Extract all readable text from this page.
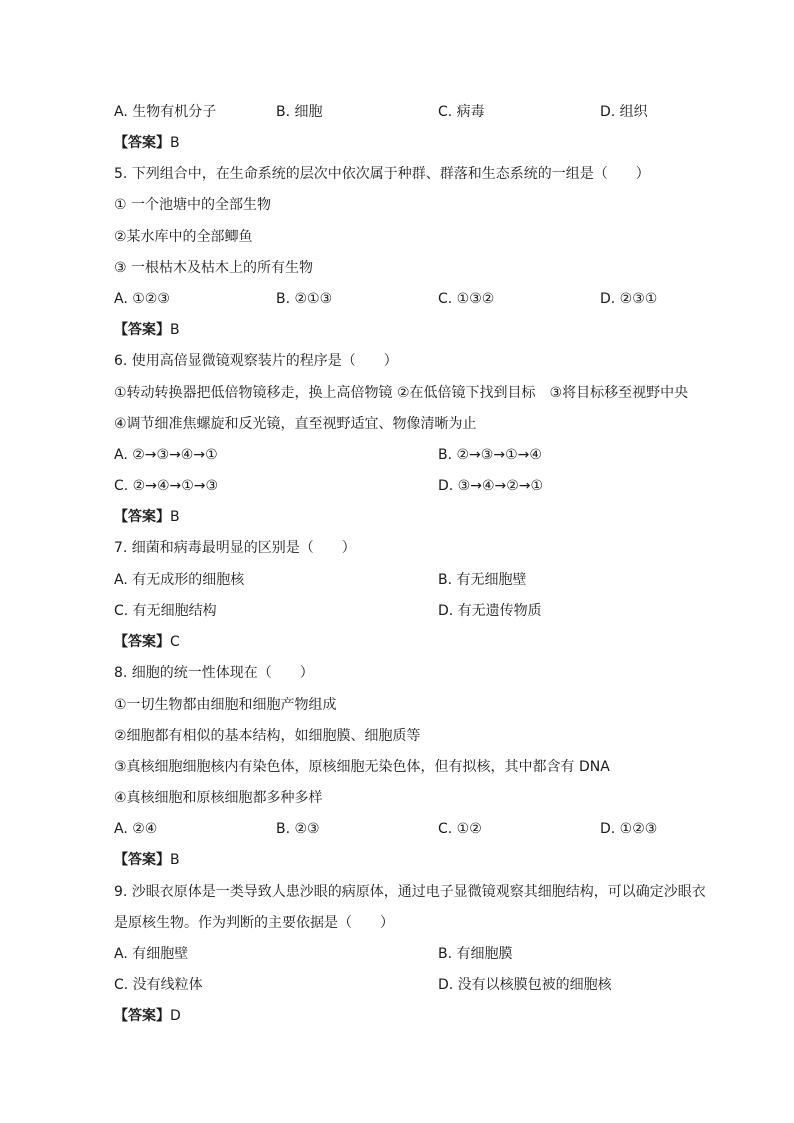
A. 生物有机分子	B. 细胞	C. 病毒	D. 组织
【答案】B
5. 下列组合中，在生命系统的层次中依次属于种群、群落和生态系统的一组是（　　）
① 一个池塘中的全部生物
②某水库中的全部鲫鱼
③ 一根枯木及枯木上的所有生物
A. ①②③	B. ②①③	C. ①③②	D. ②③①
【答案】B
6. 使用高倍显微镜观察装片的程序是（　　）
①转动转换器把低倍物镜移走，换上高倍物镜 ②在低倍镜下找到目标　③将目标移至视野中央
④调节细准焦螺旋和反光镜，直至视野适宜、物像清晰为止
A. ②→③→④→①	B. ②→③→①→④
C. ②→④→①→③	D. ③→④→②→①
【答案】B
7. 细菌和病毒最明显的区别是（　　）
A. 有无成形的细胞核	B. 有无细胞壁
C. 有无细胞结构	D. 有无遗传物质
【答案】C
8. 细胞的统一性体现在（　　）
①一切生物都由细胞和细胞产物组成
②细胞都有相似的基本结构，如细胞膜、细胞质等
③真核细胞细胞核内有染色体，原核细胞无染色体，但有拟核，其中都含有 DNA
④真核细胞和原核细胞都多种多样
A. ②④	B. ②③	C. ①②	D. ①②③
【答案】B
9. 沙眼衣原体是一类导致人患沙眼的病原体，通过电子显微镜观察其细胞结构，可以确定沙眼衣
是原核生物。作为判断的主要依据是（　　）
A. 有细胞壁	B. 有细胞膜
C. 没有线粒体	D. 没有以核膜包被的细胞核
【答案】D
